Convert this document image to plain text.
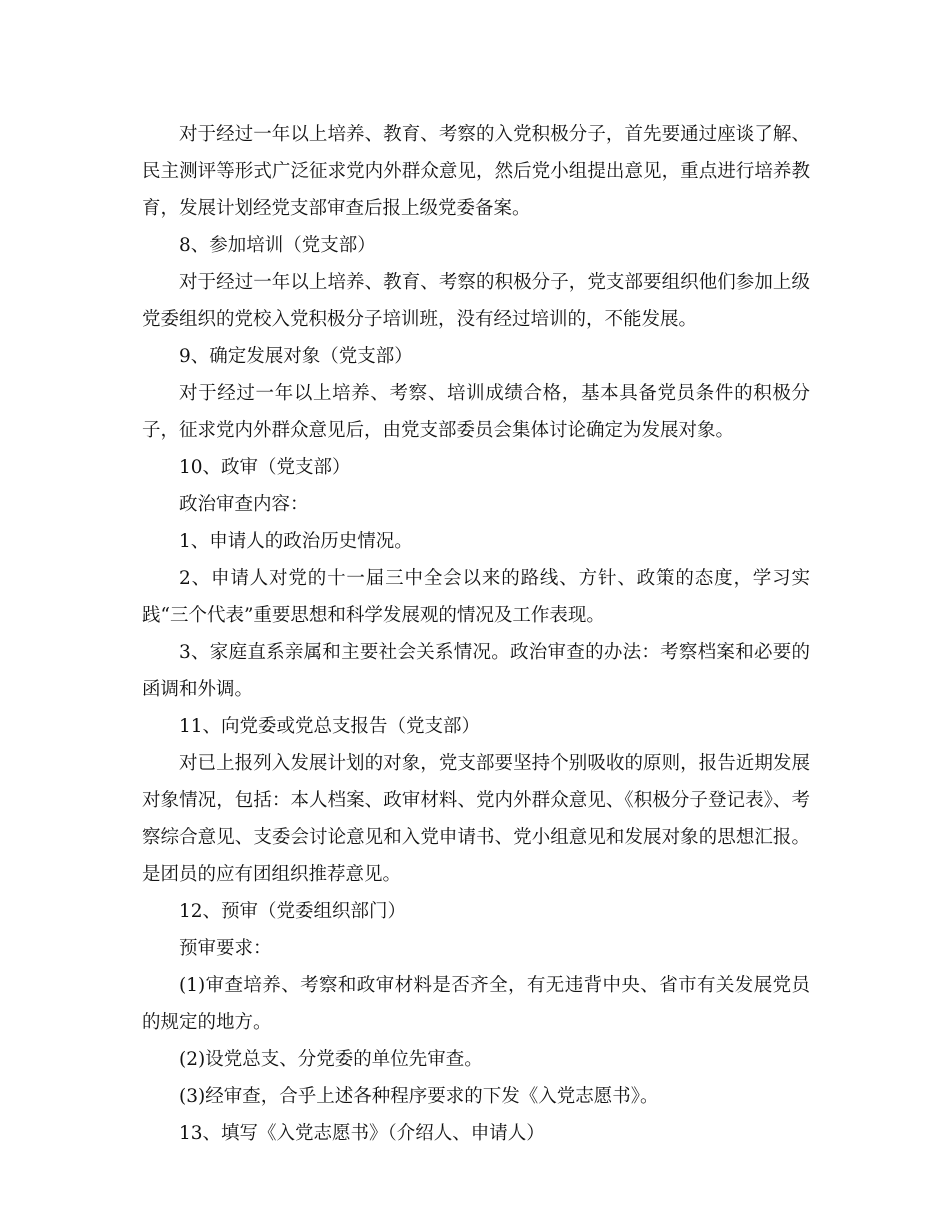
对于经过一年以上培养、教育、考察的入党积极分子，首先要通过座谈了解、民主测评等形式广泛征求党内外群众意见，然后党小组提出意见，重点进行培养教育，发展计划经党支部审查后报上级党委备案。

8、参加培训（党支部）

对于经过一年以上培养、教育、考察的积极分子，党支部要组织他们参加上级党委组织的党校入党积极分子培训班，没有经过培训的，不能发展。

9、确定发展对象（党支部）

对于经过一年以上培养、考察、培训成绩合格，基本具备党员条件的积极分子，征求党内外群众意见后，由党支部委员会集体讨论确定为发展对象。

10、政审（党支部）

政治审查内容：

1、申请人的政治历史情况。

2、申请人对党的十一届三中全会以来的路线、方针、政策的态度，学习实践“三个代表”重要思想和科学发展观的情况及工作表现。

3、家庭直系亲属和主要社会关系情况。政治审查的办法：考察档案和必要的函调和外调。

11、向党委或党总支报告（党支部）

对已上报列入发展计划的对象，党支部要坚持个别吸收的原则，报告近期发展对象情况，包括：本人档案、政审材料、党内外群众意见、《积极分子登记表》、考察综合意见、支委会讨论意见和入党申请书、党小组意见和发展对象的思想汇报。是团员的应有团组织推荐意见。

12、预审（党委组织部门）

预审要求：

(1)审查培养、考察和政审材料是否齐全，有无违背中央、省市有关发展党员的规定的地方。

(2)设党总支、分党委的单位先审查。

(3)经审查，合乎上述各种程序要求的下发《入党志愿书》。

13、填写《入党志愿书》（介绍人、申请人）
